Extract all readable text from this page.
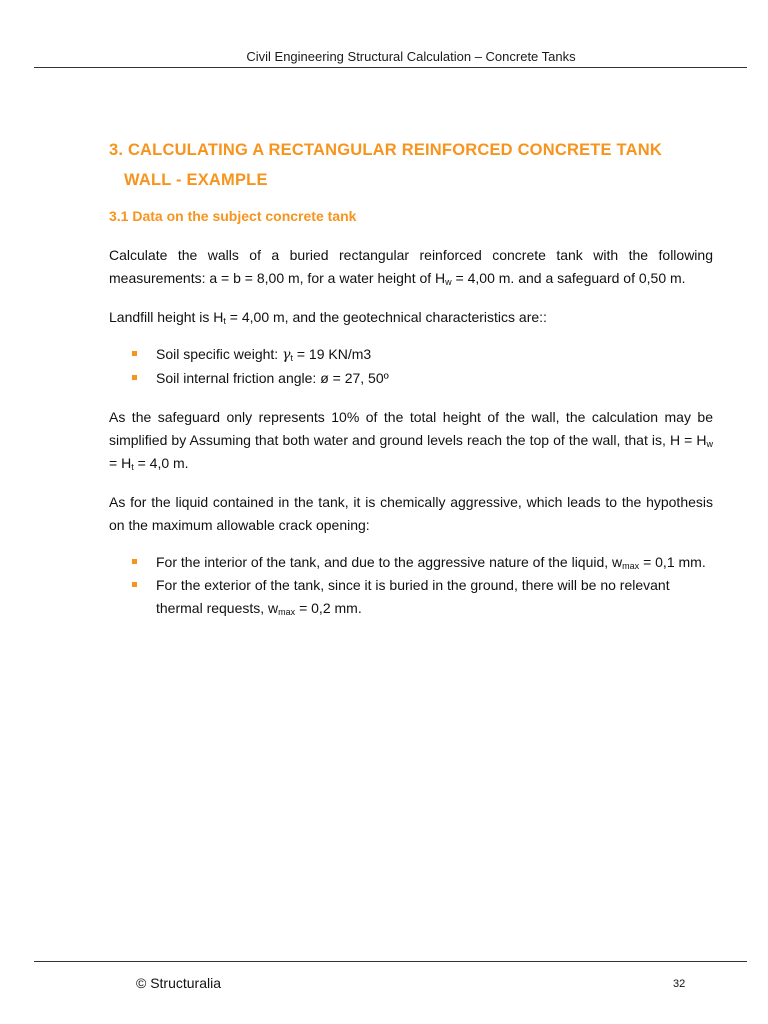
Civil Engineering Structural Calculation – Concrete Tanks
3. CALCULATING A RECTANGULAR REINFORCED CONCRETE TANK
WALL - EXAMPLE
3.1 Data on the subject concrete tank

Calculate the walls of a buried rectangular reinforced concrete tank with the following measurements: a = b = 8,00 m, for a water height of $H_w = 4,00$ m. and a safeguard of 0,50 m.

Landfill height is $H_t = 4,00$ m, and the geotechnical characteristics are::

Soil specific weight: $\gamma_t = 19$ KN/m3
Soil internal friction angle: ø = 27, 50º

As the safeguard only represents 10% of the total height of the wall, the calculation may be simplified by Assuming that both water and ground levels reach the top of the wall, that is, $H = H_w = H_t = 4,0$ m.

As for the liquid contained in the tank, it is chemically aggressive, which leads to the hypothesis on the maximum allowable crack opening:

For the interior of the tank, and due to the aggressive nature of the liquid, $w_{max} = 0,1$ mm.
For the exterior of the tank, since it is buried in the ground, there will be no relevant thermal requests, $w_{max} = 0,2$ mm.
© Structuralia	32
